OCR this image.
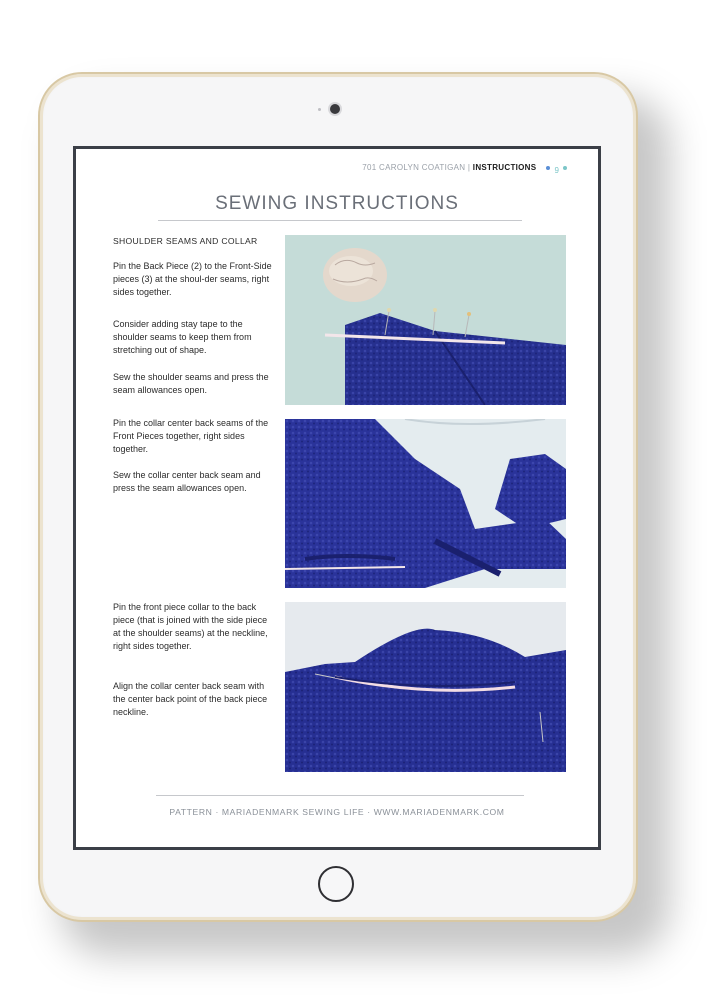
701 CAROLYN COATIGAN | INSTRUCTIONS 9
SEWING INSTRUCTIONS
SHOULDER SEAMS AND COLLAR

Pin the Back Piece (2) to the Front-Side pieces (3) at the shoul-der seams, right sides together.

Consider adding stay tape to the shoulder seams to keep them from stretching out of shape.

Sew the shoulder seams and press the seam allowances open.

Pin the collar center back seams of the Front Pieces together, right sides together.

Sew the collar center back seam and press the seam allowances open.

Pin the front piece collar to the back piece (that is joined with the side piece at the shoulder seams) at the neckline, right sides together.

Align the collar center back seam with the center back point of the back piece neckline.

PATTERN · MARIADENMARK SEWING LIFE · WWW.MARIADENMARK.COM
